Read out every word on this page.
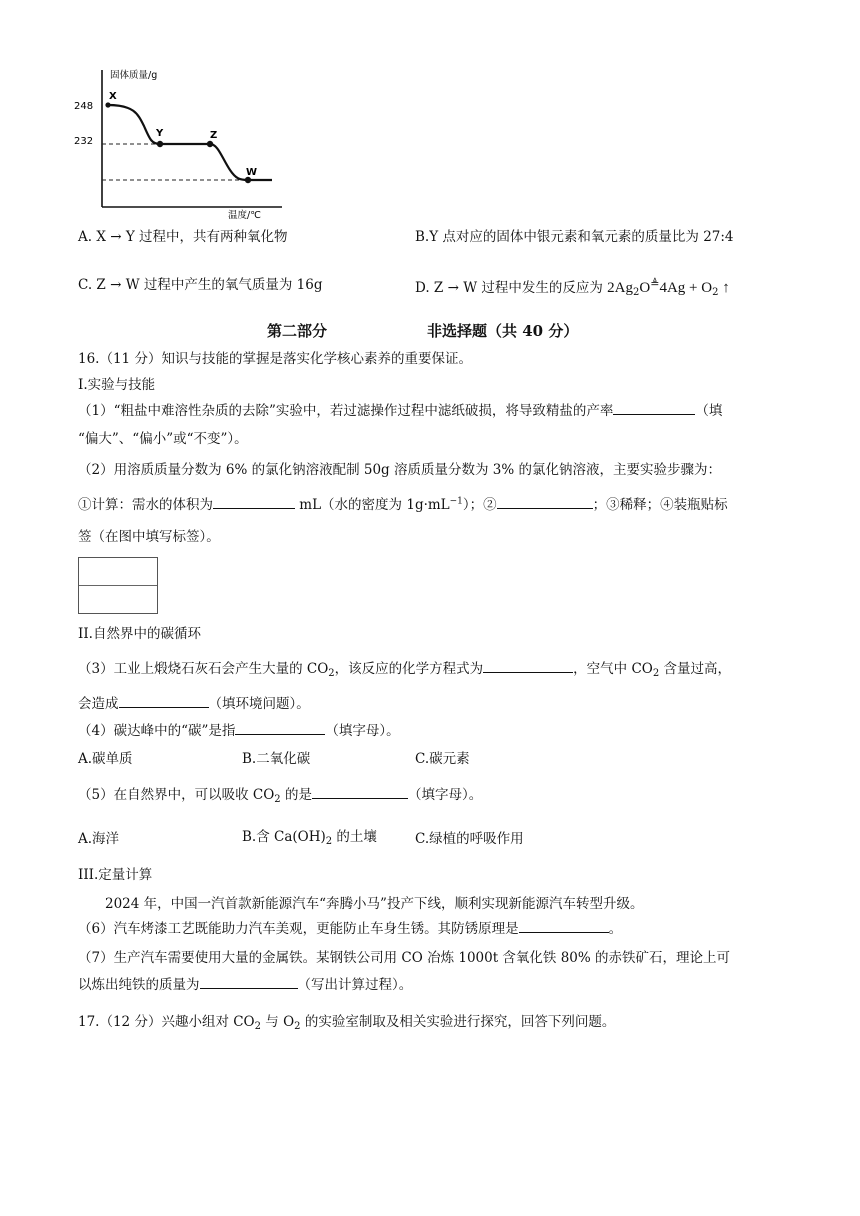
固体质量/g
温度/℃
248
232
X
Y	Z
W
A. X → Y 过程中，共有两种氧化物	B.Y 点对应的固体中银元素和氧元素的质量比为 27:4
C. Z → W 过程中产生的氧气质量为 16g	D. Z → W 过程中发生的反应为 $2Ag_2O^≜4Ag + O_2$ ↑
第二部分	非选择题（共 40 分）
16.（11 分）知识与技能的掌握是落实化学核心素养的重要保证。
I.实验与技能
（1）“粗盐中难溶性杂质的去除”实验中，若过滤操作过程中滤纸破损，将导致精盐的产率	（填
“偏大”、“偏小”或“不变”）。
（2）用溶质质量分数为 6% 的氯化钠溶液配制 50g 溶质质量分数为 3% 的氯化钠溶液，主要实验步骤为：
①计算：需水的体积为	mL（水的密度为 $1g\cdot mL^{-1}$）；②	；③稀释；④装瓶贴标
签（在图中填写标签）。
II.自然界中的碳循环
（3）工业上煅烧石灰石会产生大量的 $CO_2$，该反应的化学方程式为	，空气中 $CO_2$ 含量过高，
会造成	（填环境问题）。
（4）碳达峰中的“碳”是指	（填字母）。
A.碳单质	B.二氧化碳	C.碳元素
（5）在自然界中，可以吸收 $CO_2$ 的是	（填字母）。
A.海洋	B.含 $Ca(OH)_2$ 的土壤	C.绿植的呼吸作用
III.定量计算
2024 年，中国一汽首款新能源汽车“奔腾小马”投产下线，顺利实现新能源汽车转型升级。
（6）汽车烤漆工艺既能助力汽车美观，更能防止车身生锈。其防锈原理是	。
（7）生产汽车需要使用大量的金属铁。某钢铁公司用 CO 冶炼 1000t 含氧化铁 80% 的赤铁矿石，理论上可
以炼出纯铁的质量为	（写出计算过程）。
17.（12 分）兴趣小组对 $CO_2$ 与 $O_2$ 的实验室制取及相关实验进行探究，回答下列问题。
